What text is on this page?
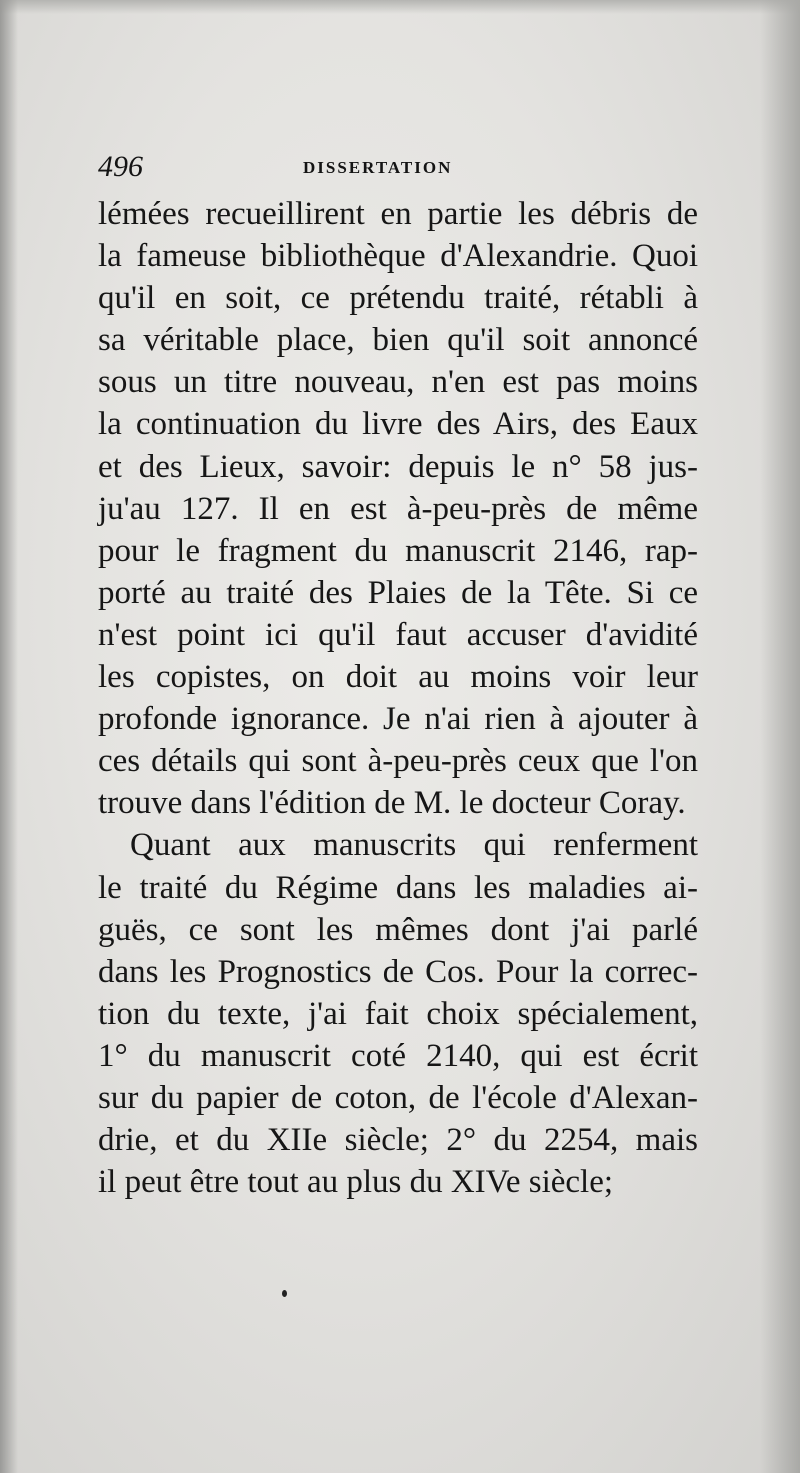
496	DISSERTATION
lémées recueillirent en partie les débris de
la fameuse bibliothèque d'Alexandrie. Quoi
qu'il en soit, ce prétendu traité, rétabli à
sa véritable place, bien qu'il soit annoncé
sous un titre nouveau, n'en est pas moins
la continuation du livre des Airs, des Eaux
et des Lieux, savoir: depuis le n° 58 jus-
ju'au 127. Il en est à-peu-près de même
pour le fragment du manuscrit 2146, rap-
porté au traité des Plaies de la Tête. Si ce
n'est point ici qu'il faut accuser d'avidité
les copistes, on doit au moins voir leur
profonde ignorance. Je n'ai rien à ajouter à
ces détails qui sont à-peu-près ceux que l'on
trouve dans l'édition de M. le docteur Coray.
Quant aux manuscrits qui renferment
le traité du Régime dans les maladies ai-
guës, ce sont les mêmes dont j'ai parlé
dans les Prognostics de Cos. Pour la correc-
tion du texte, j'ai fait choix spécialement,
1° du manuscrit coté 2140, qui est écrit
sur du papier de coton, de l'école d'Alexan-
drie, et du XIIe siècle; 2° du 2254, mais
il peut être tout au plus du XIVe siècle;
